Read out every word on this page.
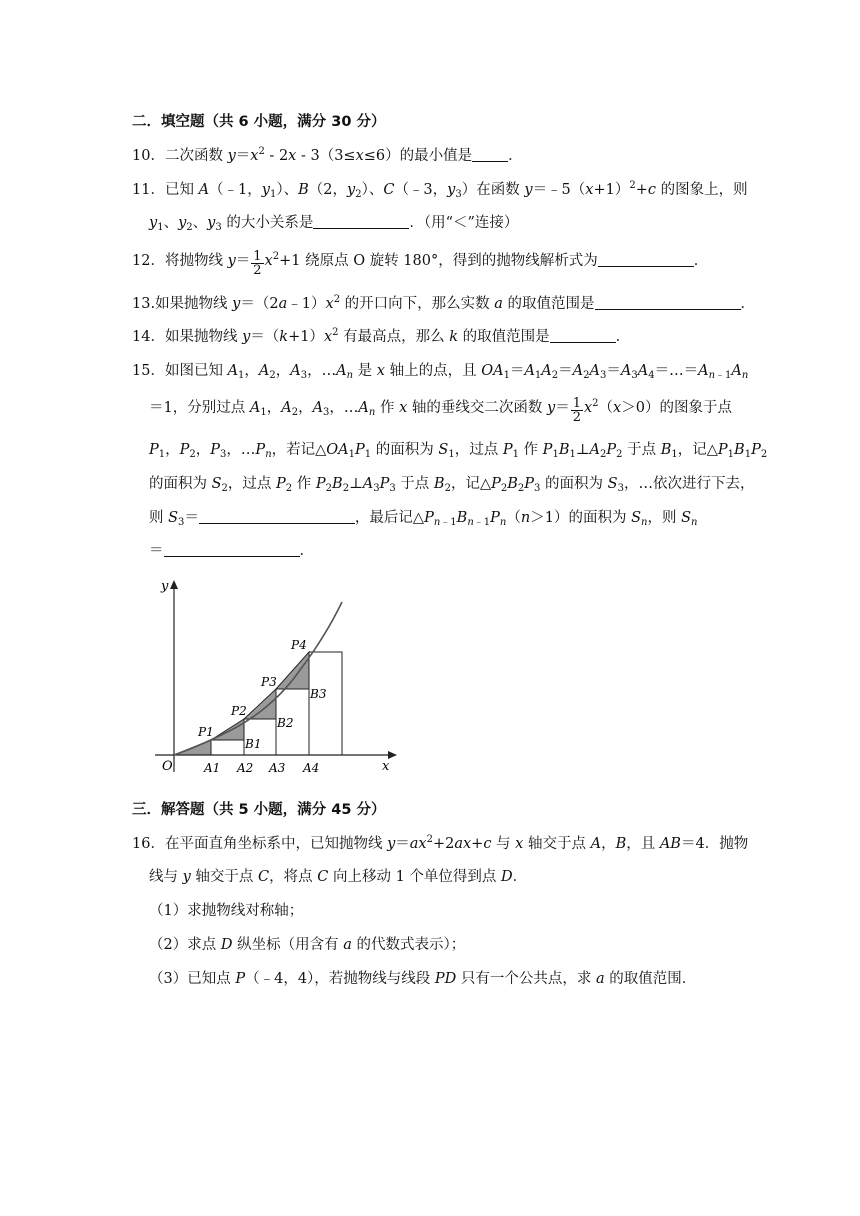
二．填空题（共 6 小题，满分 30 分）
10．二次函数 $y=x^2 - 2x - 3(3\le x\le 6)$的最小值是 ．
11．已知 A（﹣1，$y_1$）、B（2，$y_2$）、C（﹣3，$y_3$）在函数 $y=﹣5(x+1)^2+c$ 的图象上，则
$y_1$、$y_2$、$y_3$ 的大小关系是	．（用“＜”连接）
12．将抛物线 $y= \frac{1}{2} x^2+1$ 绕原点 O 旋转 180°，得到的抛物线解析式为	．
13.如果抛物线 $y=(2a﹣1)x^2$ 的开口向下，那么实数 a 的取值范围是	．
14．如果抛物线 $y=(k+1)x^2$ 有最高点，那么 k 的取值范围是	．
15．如图已知 $A_1$，$A_2$，$A_3$，$\dots A_n$ 是 x 轴上的点，且 $OA_1=A_1A_2=A_2A_3=A_3A_4=\dots=A_{n﹣1}A_n$
＝1，分别过点 $A_1$，$A_2$，$A_3$，$\dots A_n$ 作 x 轴的垂线交二次函数 $y= \frac{1}{2} x^2(x>0)$的图象于点
$P_1$，$P_2$，$P_3$，$\dots P_n$，若记$\triangle OA_1P_1$ 的面积为 $S_1$，过点 $P_1$ 作 $P_1B_1\perp A_2P_2$ 于点 $B_1$，记$\triangle P_1B_1P_2$
的面积为 $S_2$，过点 $P_2$ 作 $P_2B_2\perp A_3P_3$ 于点 $B_2$，记$\triangle P_2B_2P_3$ 的面积为 $S_3$，…依次进行下去，
则 $S_3=$	，最后记$\triangle P_{n﹣1}B_{n﹣1}P_n(n>1)$的面积为 $S_n$，则 $S_n$
＝	．
y
x
O	A1 A2 A3 A4
P1
P2
P3
P4
B1
B2
B3
三．解答题（共 5 小题，满分 45 分）
16．在平面直角坐标系中，已知抛物线 $y=ax^2+2ax+c$ 与 x 轴交于点 A，B，且 AB＝4．抛物
线与 y 轴交于点 C，将点 C 向上移动 1 个单位得到点 D．
（1）求抛物线对称轴；
（2）求点 D 纵坐标（用含有 a 的代数式表示）；
（3）已知点 P（﹣4，4），若抛物线与线段 PD 只有一个公共点，求 a 的取值范围．
